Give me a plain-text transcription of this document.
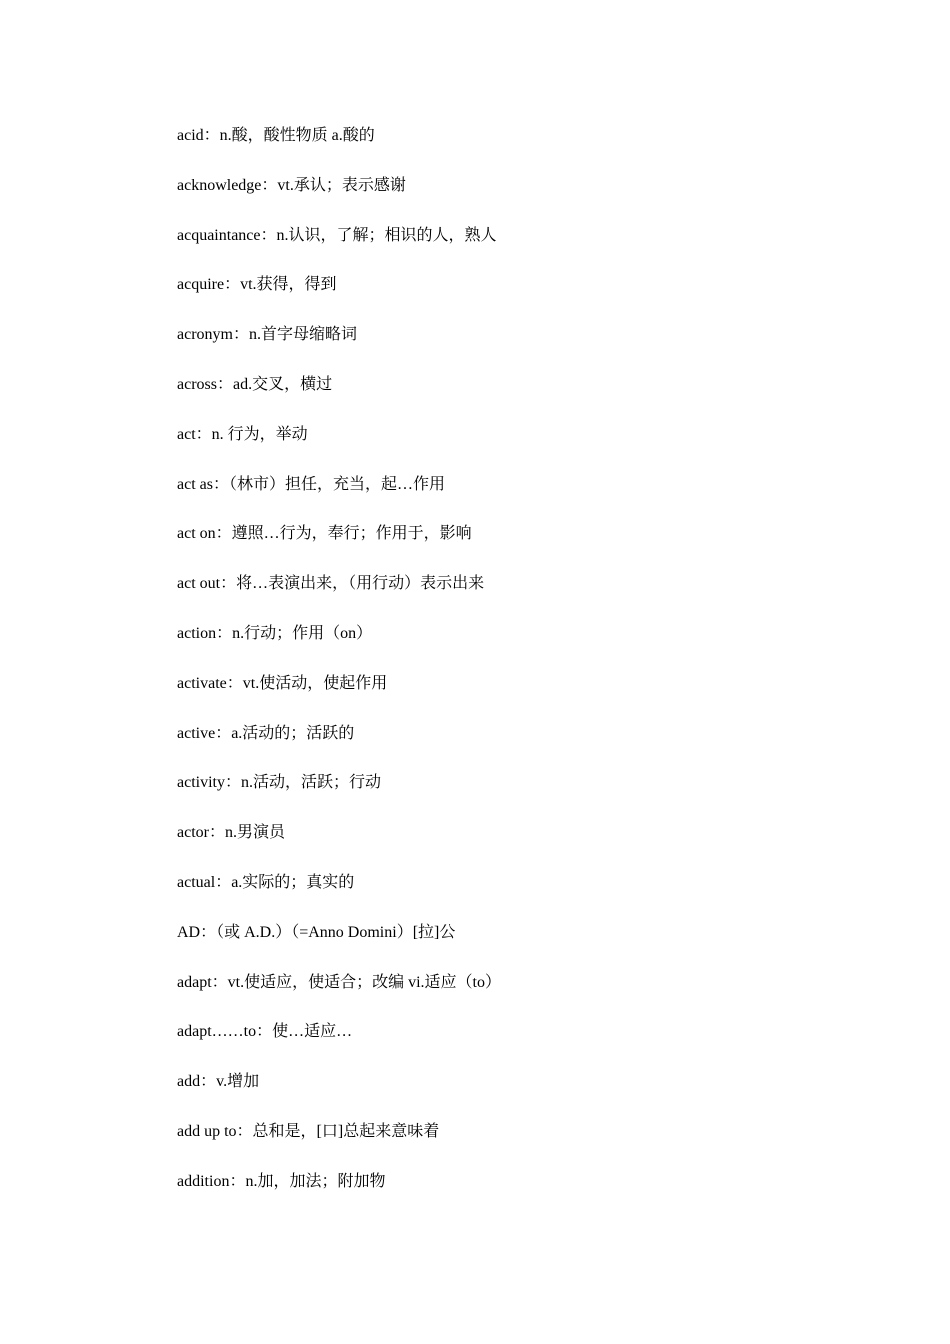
acid：n.酸，酸性物质 a.酸的
acknowledge：vt.承认；表示感谢
acquaintance：n.认识，了解；相识的人，熟人
acquire：vt.获得，得到
acronym：n.首字母缩略词
across：ad.交叉，横过
act：n. 行为，举动
act as：（林市）担任，充当，起…作用
act on：遵照…行为，奉行；作用于，影响
act out：将…表演出来，（用行动）表示出来
action：n.行动；作用（on）
activate：vt.使活动，使起作用
active：a.活动的；活跃的
activity：n.活动，活跃；行动
actor：n.男演员
actual：a.实际的；真实的
AD：（或 A.D.）（=Anno Domini）[拉]公
adapt：vt.使适应，使适合；改编 vi.适应（to）
adapt……to：使…适应…
add：v.增加
add up to：总和是，[口]总起来意味着
addition：n.加，加法；附加物
